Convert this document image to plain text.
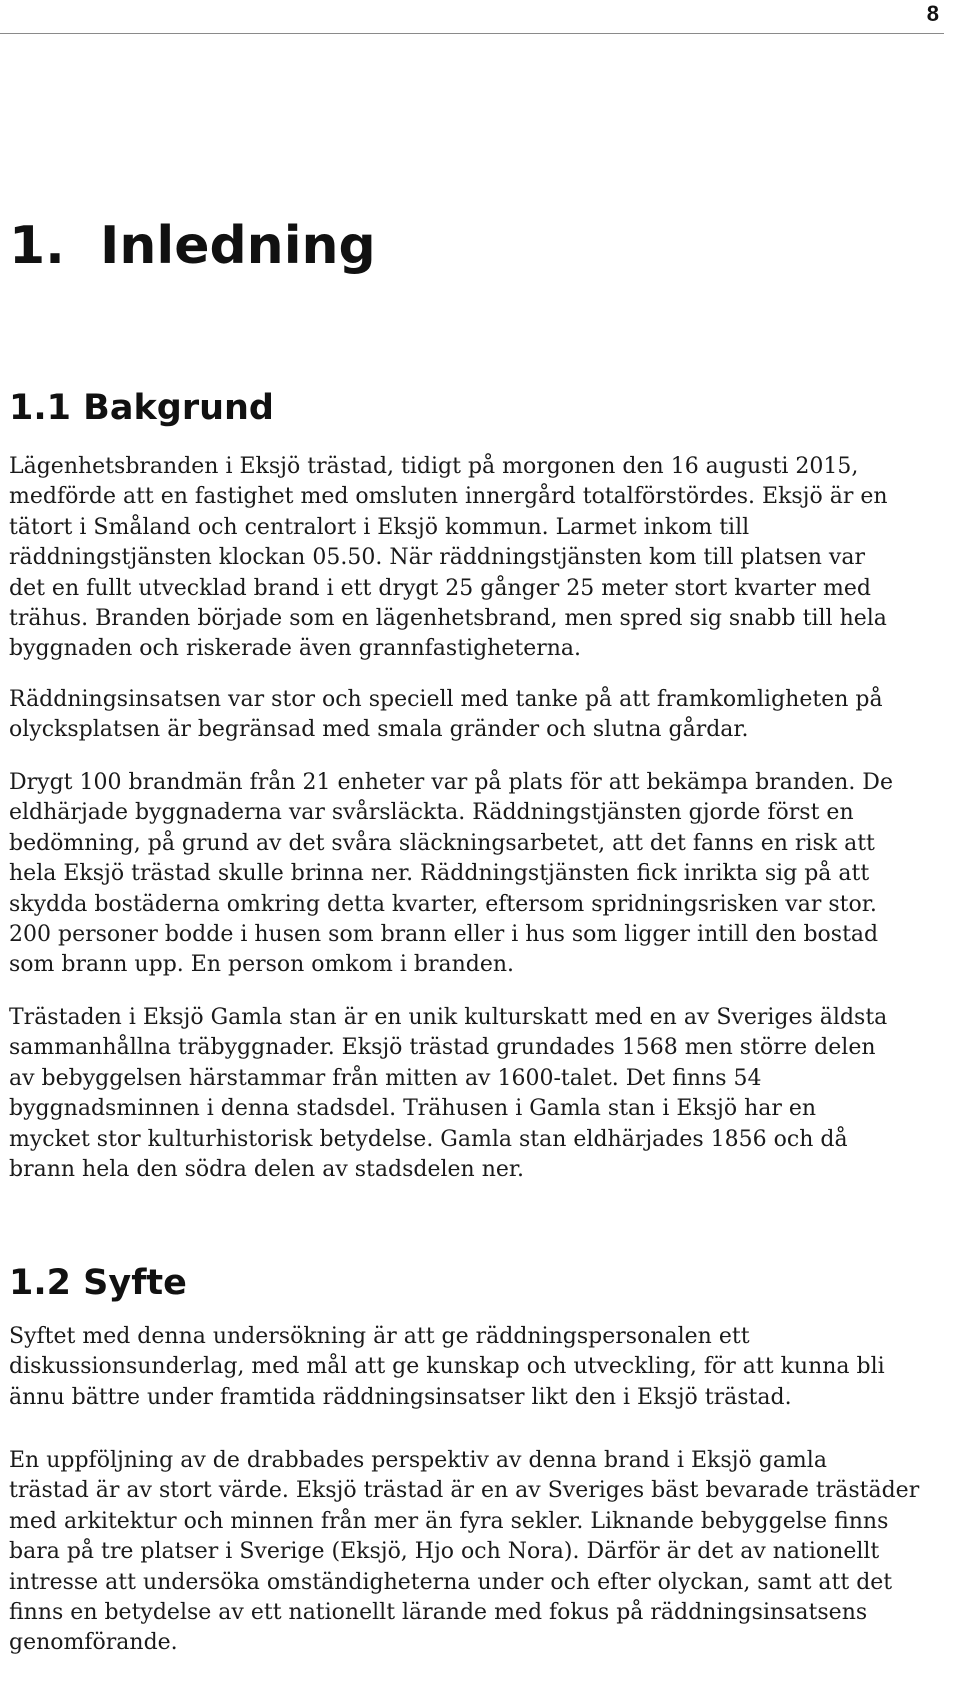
8
1. Inledning
1.1 Bakgrund
Lägenhetsbranden i Eksjö trästad, tidigt på morgonen den 16 augusti 2015,
medförde att en fastighet med omsluten innergård totalförstördes. Eksjö är en
tätort i Småland och centralort i Eksjö kommun. Larmet inkom till
räddningstjänsten klockan 05.50. När räddningstjänsten kom till platsen var
det en fullt utvecklad brand i ett drygt 25 gånger 25 meter stort kvarter med
trähus. Branden började som en lägenhetsbrand, men spred sig snabb till hela
byggnaden och riskerade även grannfastigheterna.
Räddningsinsatsen var stor och speciell med tanke på att framkomligheten på
olycksplatsen är begränsad med smala gränder och slutna gårdar.
Drygt 100 brandmän från 21 enheter var på plats för att bekämpa branden. De
eldhärjade byggnaderna var svårsläckta. Räddningstjänsten gjorde först en
bedömning, på grund av det svåra släckningsarbetet, att det fanns en risk att
hela Eksjö trästad skulle brinna ner. Räddningstjänsten fick inrikta sig på att
skydda bostäderna omkring detta kvarter, eftersom spridningsrisken var stor.
200 personer bodde i husen som brann eller i hus som ligger intill den bostad
som brann upp. En person omkom i branden.
Trästaden i Eksjö Gamla stan är en unik kulturskatt med en av Sveriges äldsta
sammanhållna träbyggnader. Eksjö trästad grundades 1568 men större delen
av bebyggelsen härstammar från mitten av 1600-talet. Det finns 54
byggnadsminnen i denna stadsdel. Trähusen i Gamla stan i Eksjö har en
mycket stor kulturhistorisk betydelse. Gamla stan eldhärjades 1856 och då
brann hela den södra delen av stadsdelen ner.
1.2 Syfte
Syftet med denna undersökning är att ge räddningspersonalen ett
diskussionsunderlag, med mål att ge kunskap och utveckling, för att kunna bli
ännu bättre under framtida räddningsinsatser likt den i Eksjö trästad.
En uppföljning av de drabbades perspektiv av denna brand i Eksjö gamla
trästad är av stort värde. Eksjö trästad är en av Sveriges bäst bevarade trästäder
med arkitektur och minnen från mer än fyra sekler. Liknande bebyggelse finns
bara på tre platser i Sverige (Eksjö, Hjo och Nora). Därför är det av nationellt
intresse att undersöka omständigheterna under och efter olyckan, samt att det
finns en betydelse av ett nationellt lärande med fokus på räddningsinsatsens
genomförande.
